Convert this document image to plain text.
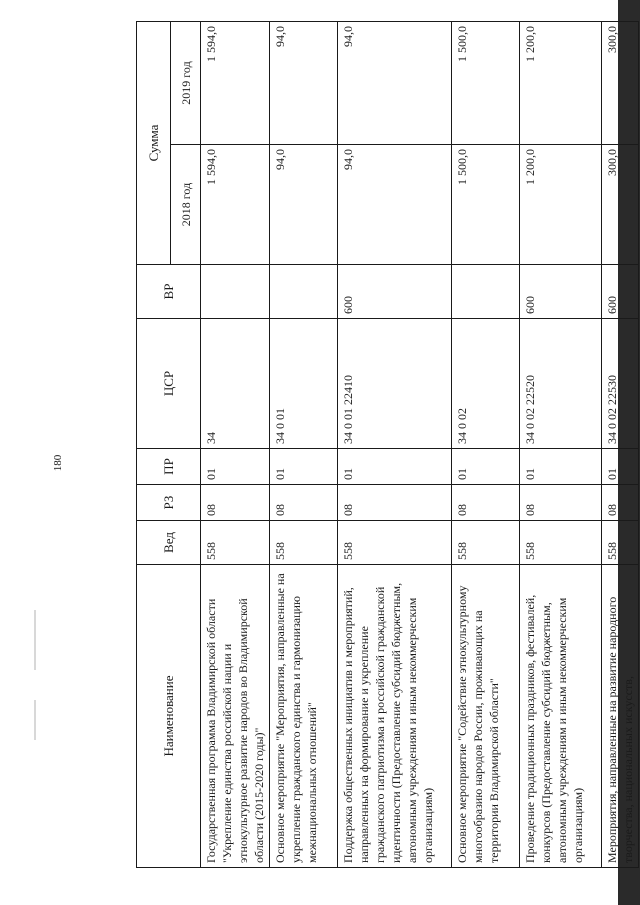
180
Наименование	Вед	РЗ	ПР	ЦСР	ВР	Сумма	
						2018 год	2019 год
Государственная программа Владимирской области "Укрепление единства российской нации и этнокультурное развитие народов во Владимирской области (2015-2020 годы)"	558	08	01	34		1 594,0	1 594,0
Основное мероприятие "Мероприятия, направленные на укрепление гражданского единства и гармонизацию межнациональных отношений"	558	08	01	34 0 01		94,0	94,0
Поддержка общественных инициатив и мероприятий, направленных на формирование и укрепление гражданского патриотизма и российской гражданской идентичности (Предоставление субсидий бюджетным, автономным учреждениям и иным некоммерческим организациям)	558	08	01	34 0 01 22410	600	94,0	94,0
Основное мероприятие "Содействие этнокультурному многообразию народов России, проживающих на территории Владимирской области"	558	08	01	34 0 02		1 500,0	1 500,0
Проведение традиционных праздников, фестивалей, конкурсов (Предоставление субсидий бюджетным, автономным учреждениям и иным некоммерческим организациям)	558	08	01	34 0 02 22520	600	1 200,0	1 200,0
Мероприятия, направленные на развитие народного творчества, национальных искусств,	558	08	01	34 0 02 22530	600	300,0	300,0
